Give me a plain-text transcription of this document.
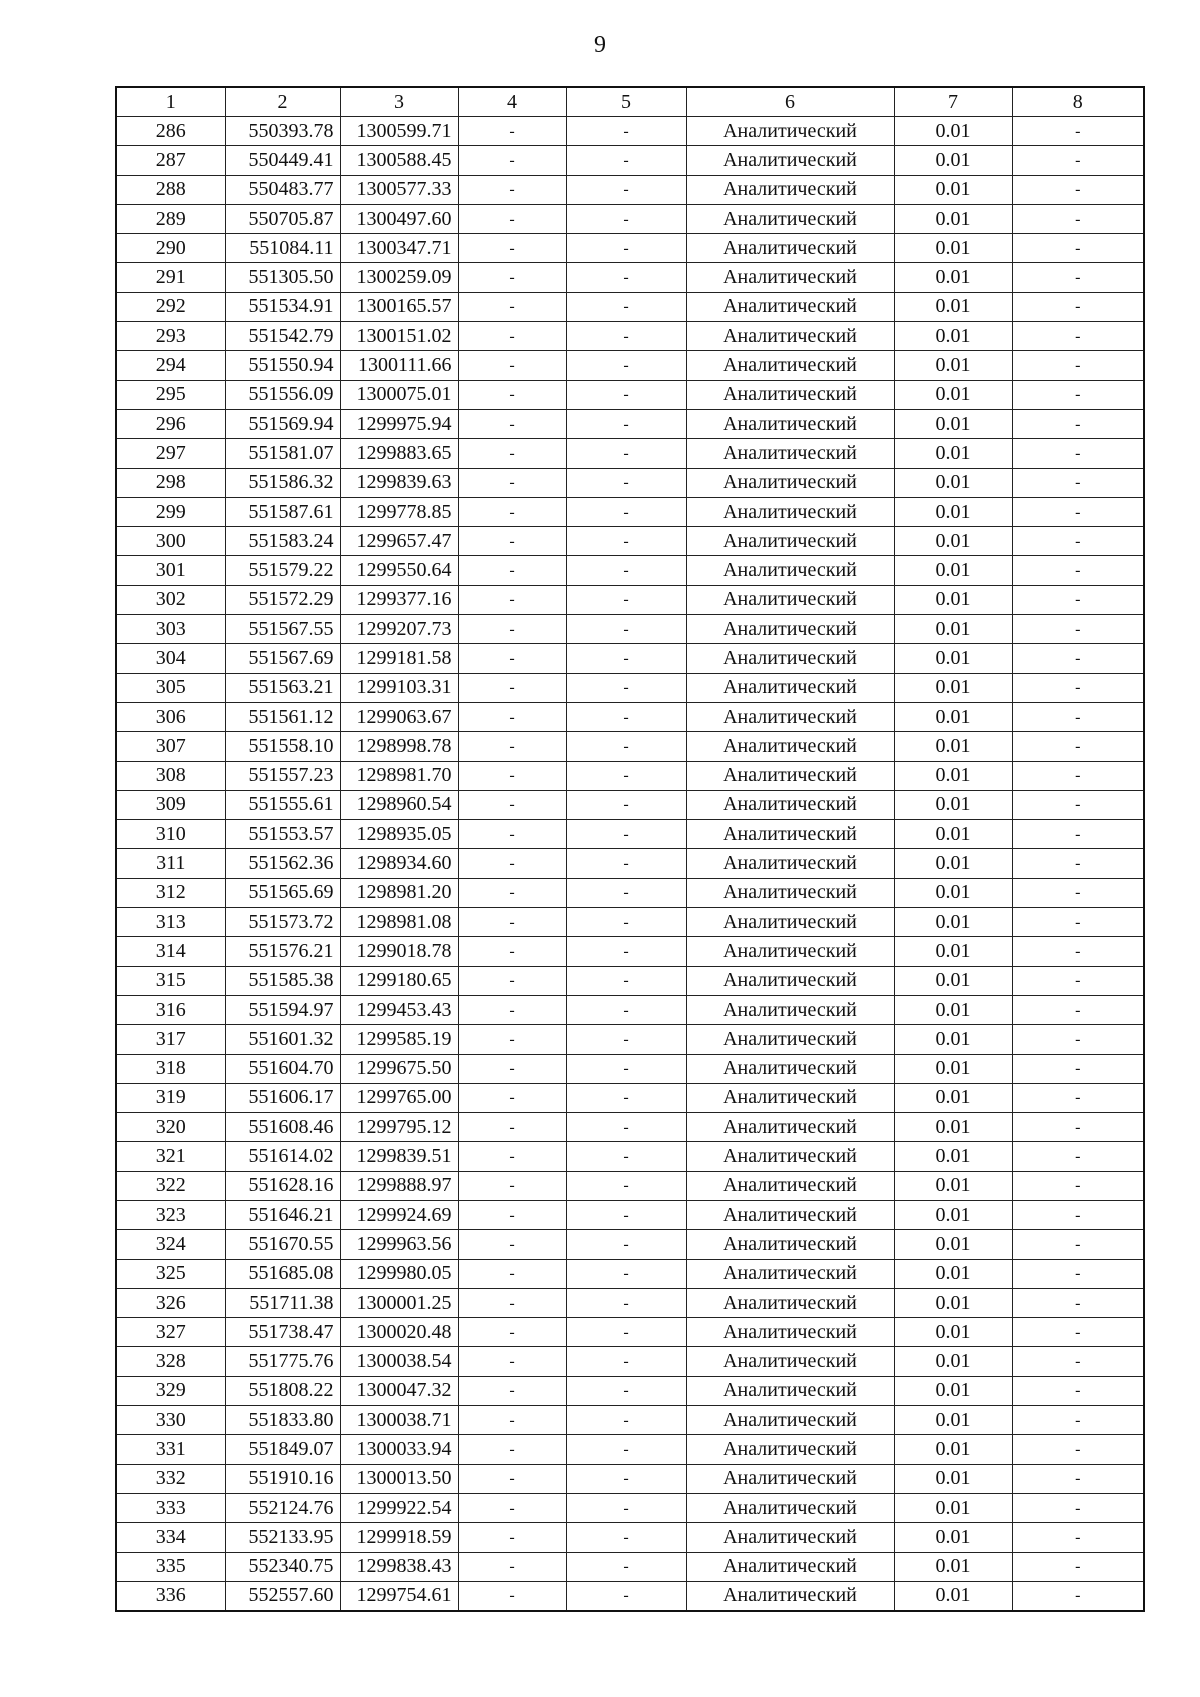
9
1	2	3	4	5	6	7	8
286	550393.78	1300599.71	-	-	Аналитический	0.01	-
287	550449.41	1300588.45	-	-	Аналитический	0.01	-
288	550483.77	1300577.33	-	-	Аналитический	0.01	-
289	550705.87	1300497.60	-	-	Аналитический	0.01	-
290	551084.11	1300347.71	-	-	Аналитический	0.01	-
291	551305.50	1300259.09	-	-	Аналитический	0.01	-
292	551534.91	1300165.57	-	-	Аналитический	0.01	-
293	551542.79	1300151.02	-	-	Аналитический	0.01	-
294	551550.94	1300111.66	-	-	Аналитический	0.01	-
295	551556.09	1300075.01	-	-	Аналитический	0.01	-
296	551569.94	1299975.94	-	-	Аналитический	0.01	-
297	551581.07	1299883.65	-	-	Аналитический	0.01	-
298	551586.32	1299839.63	-	-	Аналитический	0.01	-
299	551587.61	1299778.85	-	-	Аналитический	0.01	-
300	551583.24	1299657.47	-	-	Аналитический	0.01	-
301	551579.22	1299550.64	-	-	Аналитический	0.01	-
302	551572.29	1299377.16	-	-	Аналитический	0.01	-
303	551567.55	1299207.73	-	-	Аналитический	0.01	-
304	551567.69	1299181.58	-	-	Аналитический	0.01	-
305	551563.21	1299103.31	-	-	Аналитический	0.01	-
306	551561.12	1299063.67	-	-	Аналитический	0.01	-
307	551558.10	1298998.78	-	-	Аналитический	0.01	-
308	551557.23	1298981.70	-	-	Аналитический	0.01	-
309	551555.61	1298960.54	-	-	Аналитический	0.01	-
310	551553.57	1298935.05	-	-	Аналитический	0.01	-
311	551562.36	1298934.60	-	-	Аналитический	0.01	-
312	551565.69	1298981.20	-	-	Аналитический	0.01	-
313	551573.72	1298981.08	-	-	Аналитический	0.01	-
314	551576.21	1299018.78	-	-	Аналитический	0.01	-
315	551585.38	1299180.65	-	-	Аналитический	0.01	-
316	551594.97	1299453.43	-	-	Аналитический	0.01	-
317	551601.32	1299585.19	-	-	Аналитический	0.01	-
318	551604.70	1299675.50	-	-	Аналитический	0.01	-
319	551606.17	1299765.00	-	-	Аналитический	0.01	-
320	551608.46	1299795.12	-	-	Аналитический	0.01	-
321	551614.02	1299839.51	-	-	Аналитический	0.01	-
322	551628.16	1299888.97	-	-	Аналитический	0.01	-
323	551646.21	1299924.69	-	-	Аналитический	0.01	-
324	551670.55	1299963.56	-	-	Аналитический	0.01	-
325	551685.08	1299980.05	-	-	Аналитический	0.01	-
326	551711.38	1300001.25	-	-	Аналитический	0.01	-
327	551738.47	1300020.48	-	-	Аналитический	0.01	-
328	551775.76	1300038.54	-	-	Аналитический	0.01	-
329	551808.22	1300047.32	-	-	Аналитический	0.01	-
330	551833.80	1300038.71	-	-	Аналитический	0.01	-
331	551849.07	1300033.94	-	-	Аналитический	0.01	-
332	551910.16	1300013.50	-	-	Аналитический	0.01	-
333	552124.76	1299922.54	-	-	Аналитический	0.01	-
334	552133.95	1299918.59	-	-	Аналитический	0.01	-
335	552340.75	1299838.43	-	-	Аналитический	0.01	-
336	552557.60	1299754.61	-	-	Аналитический	0.01	-
